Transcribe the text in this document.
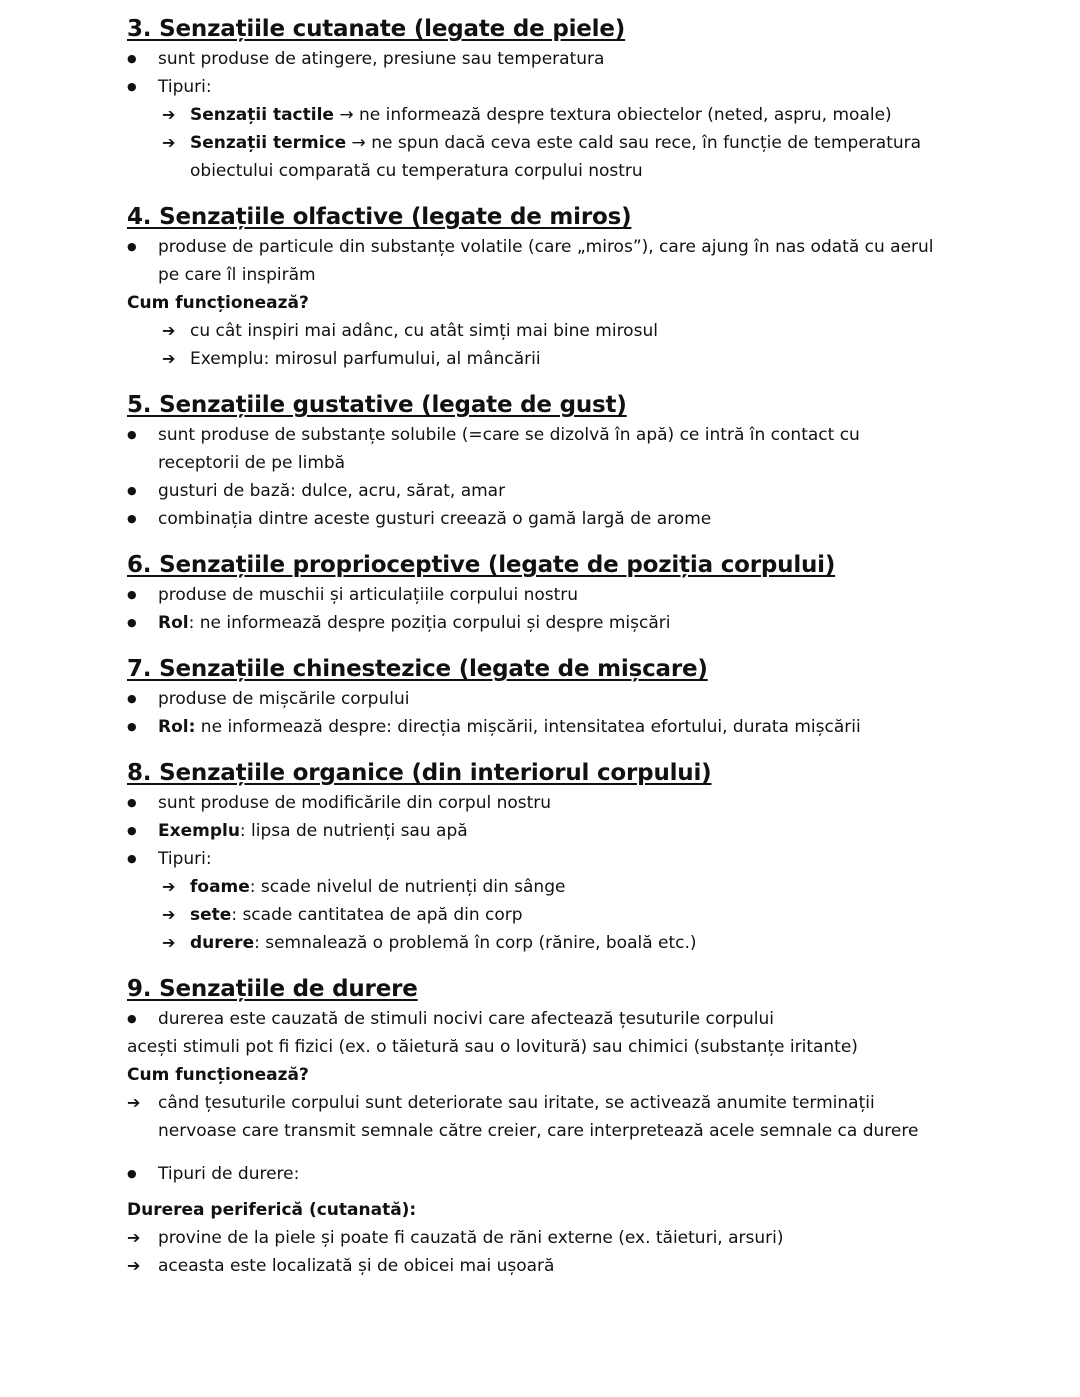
3. Senzațiile cutanate (legate de piele)
● sunt produse de atingere, presiune sau temperatura
● Tipuri:
➔ Senzații tactile → ne informează despre textura obiectelor (neted, aspru, moale)
➔ Senzații termice → ne spun dacă ceva este cald sau rece, în funcție de temperatura
obiectului comparată cu temperatura corpului nostru
4. Senzațiile olfactive (legate de miros)
● produse de particule din substanțe volatile (care „miros”), care ajung în nas odată cu aerul
pe care îl inspirăm
Cum funcționează?
➔ cu cât inspiri mai adânc, cu atât simți mai bine mirosul
➔ Exemplu: mirosul parfumului, al mâncării
5. Senzațiile gustative (legate de gust)
● sunt produse de substanțe solubile (=care se dizolvă în apă) ce intră în contact cu
receptorii de pe limbă
● gusturi de bază: dulce, acru, sărat, amar
● combinația dintre aceste gusturi creează o gamă largă de arome
6. Senzațiile proprioceptive (legate de poziția corpului)
● produse de muschii și articulațiile corpului nostru
● Rol: ne informează despre poziția corpului și despre mișcări
7. Senzațiile chinestezice (legate de mișcare)
● produse de mișcările corpului
● Rol: ne informează despre: direcția mișcării, intensitatea efortului, durata mișcării
8. Senzațiile organice (din interiorul corpului)
● sunt produse de modificările din corpul nostru
● Exemplu: lipsa de nutrienți sau apă
● Tipuri:
➔ foame: scade nivelul de nutrienți din sânge
➔ sete: scade cantitatea de apă din corp
➔ durere: semnalează o problemă în corp (rănire, boală etc.)
9. Senzațiile de durere
● durerea este cauzată de stimuli nocivi care afectează țesuturile corpului
acești stimuli pot fi fizici (ex. o tăietură sau o lovitură) sau chimici (substanțe iritante)
Cum funcționează?
➔ când țesuturile corpului sunt deteriorate sau iritate, se activează anumite terminații
nervoase care transmit semnale către creier, care interpretează acele semnale ca durere
● Tipuri de durere:
Durerea periferică (cutanată):
➔ provine de la piele și poate fi cauzată de răni externe (ex. tăieturi, arsuri)
➔ aceasta este localizată și de obicei mai ușoară
